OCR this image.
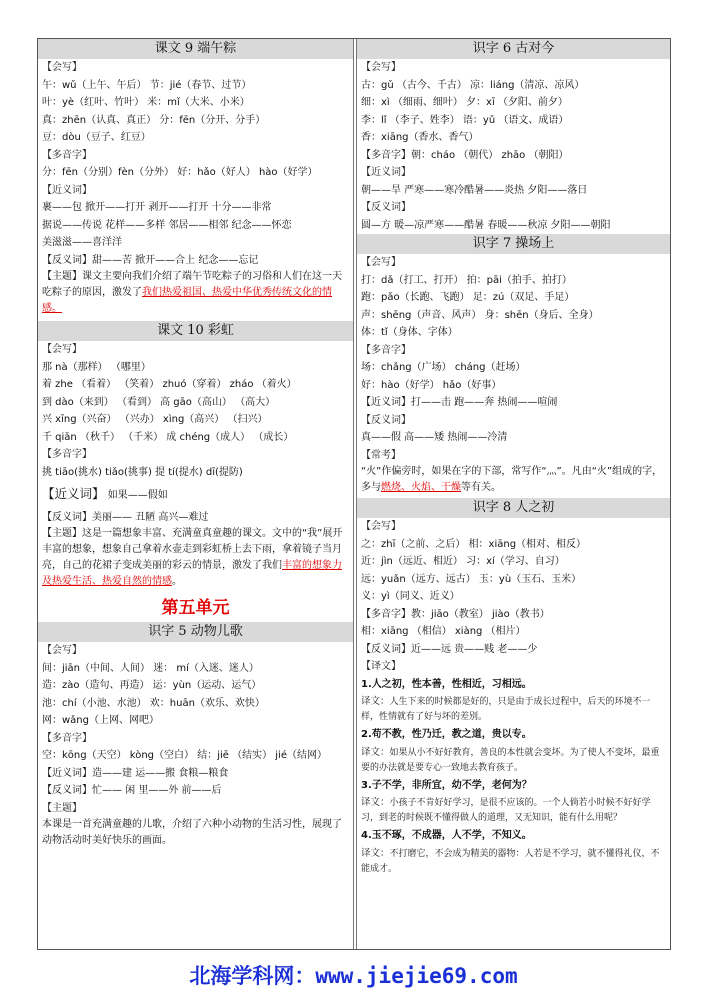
课文 9 端午粽
【会写】
午：wǔ（上午、午后） 节：jié（春节、过节）
叶：yè（红叶、竹叶） 米：mǐ（大米、小米）
真：zhēn（认真、真正） 分：fēn（分开、分手）
豆：dòu（豆子、红豆）
【多音字】
分：fēn（分别）fèn（分外） 好：hǎo（好人） hào（好学）
【近义词】
裹——包 掀开——打开 剥开——打开 十分——非常
据说——传说 花样——多样 邻居——相邻 纪念——怀恋
美滋滋——喜洋洋
【反义词】甜——苦 掀开——合上 纪念——忘记
【主题】课文主要向我们介绍了端午节吃粽子的习俗和人们在这一天吃粽子的原因，激发了我们热爱祖国、热爱中华优秀传统文化的情感。
课文 10 彩虹
【会写】
那 nà（那样） （哪里）
着 zhe （看着） （笑着） zhuó（穿着） zháo （着火）
到 dào（来到） （看到） 高 gāo（高山） （高大）
兴 xīng（兴奋） （兴办） xìng（高兴） （扫兴）
千 qiān （秋千） （千米） 成 chéng（成人） （成长）
【多音字】
挑 tiāo(挑水) tiǎo(挑事) 提 tí(提水) dī(提防)
【近义词】 如果——假如
【反义词】美丽—— 丑陋 高兴—难过
【主题】这是一篇想象丰富、充满童真童趣的课文。文中的“我”展开丰富的想象，想象自己拿着水壶走到彩虹桥上去下雨，拿着镜子当月亮，自己的花裙子变成美丽的彩云的情景，激发了我们丰富的想象力及热爱生活、热爱自然的情感。
第五单元
识字 5 动物儿歌
【会写】
间：jiān（中间、人间） 迷： mí（入迷、迷人）
造：zào（造句、再造） 运：yùn（运动、运气）
池：chí（小池、水池） 欢：huān（欢乐、欢快）
网：wǎng（上网、网吧）
【多音字】
空：kōng（天空） kòng（空白） 结：jiē （结实） jié（结网）
【近义词】造——建 运——搬 食粮—粮食
【反义词】忙—— 闲 里——外 前——后
【主题】
本课是一首充满童趣的儿歌，介绍了六种小动物的生活习性，展现了动物活动时美好快乐的画面。
识字 6 古对今
【会写】
古：gǔ （古今、千古） 凉：liáng（清凉、凉风）
细：xì （细雨、细叶） 夕：xī （夕阳、前夕）
李：lǐ （李子、姓李） 语：yǔ （语文、成语）
香：xiāng（香水、香气）
【多音字】朝：cháo （朝代） zhāo （朝阳）
【近义词】
朝——旱 严寒——寒冷酷暑——炎热 夕阳——落日
【反义词】
圆—方 暖—凉严寒——酷暑 春暖——秋凉 夕阳——朝阳
识字 7 操场上
【会写】
打：dǎ（打工、打开） 拍：pāi（拍手、拍打）
跑：pǎo（长跑、飞跑） 足：zú（双足、手足）
声：shēng（声音、风声） 身：shēn（身后、全身）
体：tǐ（身体、字体）
【多音字】
场：chǎng（广场） cháng（赶场）
好：hào（好学） hǎo（好事）
【近义词】打——击 跑——奔 热闹——喧闹
【反义词】
真——假 高——矮 热闹——冷清
【常考】
“火”作偏旁时，如果在字的下部，常写作“灬”。凡由“火”组成的字，多与燃烧、火焰、干燥等有关。
识字 8 人之初
【会写】
之：zhī（之前、之后） 相：xiāng（相对、相反）
近：jìn（远近、相近） 习：xí（学习、自习）
远：yuǎn（远方、远古） 玉：yù（玉石、玉米）
义：yì（同义、近义）
【多音字】教：jiāo（教室） jiào（教书）
相：xiāng （相信） xiàng （相片）
【反义词】近——远 贵——贱 老——少
【译文】
1.人之初，性本善，性相近，习相远。
译文：人生下来的时候都是好的，只是由于成长过程中，后天的环境不一样，性情就有了好与坏的差别。
2.苟不教，性乃迁，教之道，贵以专。
译文：如果从小不好好教育，善良的本性就会变坏。为了使人不变坏，最重要的办法就是要专心一致地去教育孩子。
3.子不学，非所宜，幼不学，老何为？
译文：小孩子不肯好好学习，是很不应该的。一个人倘若小时候不好好学习，到老的时候既不懂得做人的道理，又无知识，能有什么用呢？
4.玉不琢，不成器，人不学，不知义。
译文：不打磨它，不会成为精美的器物：人若是不学习，就不懂得礼仪，不能成才。
北海学科网：www.jiejie69.com
